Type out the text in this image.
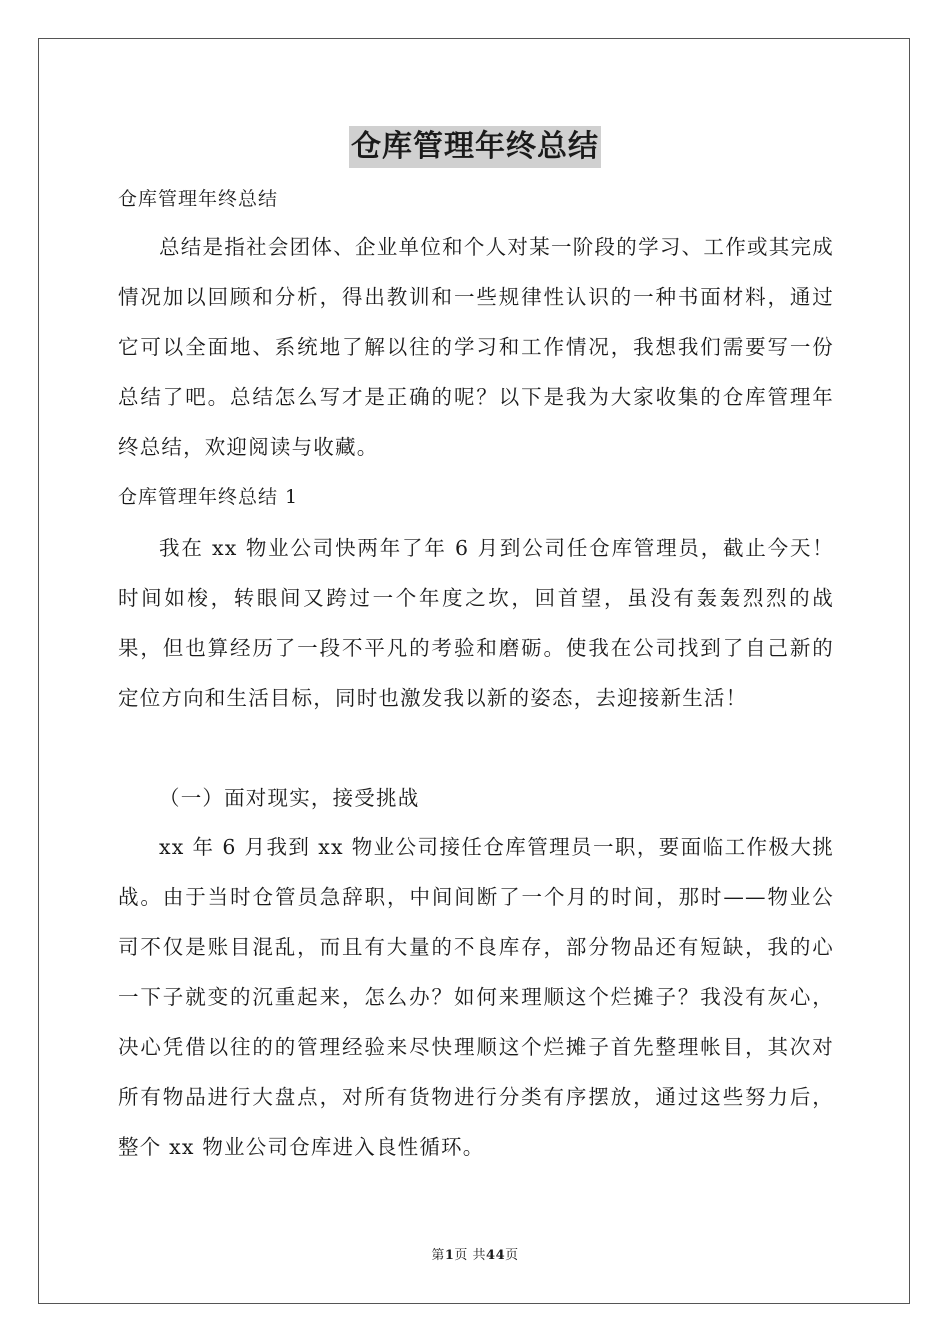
仓库管理年终总结
仓库管理年终总结
总结是指社会团体、企业单位和个人对某一阶段的学习、工作或其完成情况加以回顾和分析，得出教训和一些规律性认识的一种书面材料，通过它可以全面地、系统地了解以往的学习和工作情况，我想我们需要写一份总结了吧。总结怎么写才是正确的呢？以下是我为大家收集的仓库管理年终总结，欢迎阅读与收藏。
仓库管理年终总结 1
我在 xx 物业公司快两年了年 6 月到公司任仓库管理员，截止今天！时间如梭，转眼间又跨过一个年度之坎，回首望，虽没有轰轰烈烈的战果，但也算经历了一段不平凡的考验和磨砺。使我在公司找到了自己新的定位方向和生活目标，同时也激发我以新的姿态，去迎接新生活！
（一）面对现实，接受挑战
xx 年 6 月我到 xx 物业公司接任仓库管理员一职，要面临工作极大挑战。由于当时仓管员急辞职，中间间断了一个月的时间，那时——物业公司不仅是账目混乱，而且有大量的不良库存，部分物品还有短缺，我的心一下子就变的沉重起来，怎么办？如何来理顺这个烂摊子？我没有灰心，决心凭借以往的的管理经验来尽快理顺这个烂摊子首先整理帐目，其次对所有物品进行大盘点，对所有货物进行分类有序摆放，通过这些努力后，整个 xx 物业公司仓库进入良性循环。
第1页 共44页
